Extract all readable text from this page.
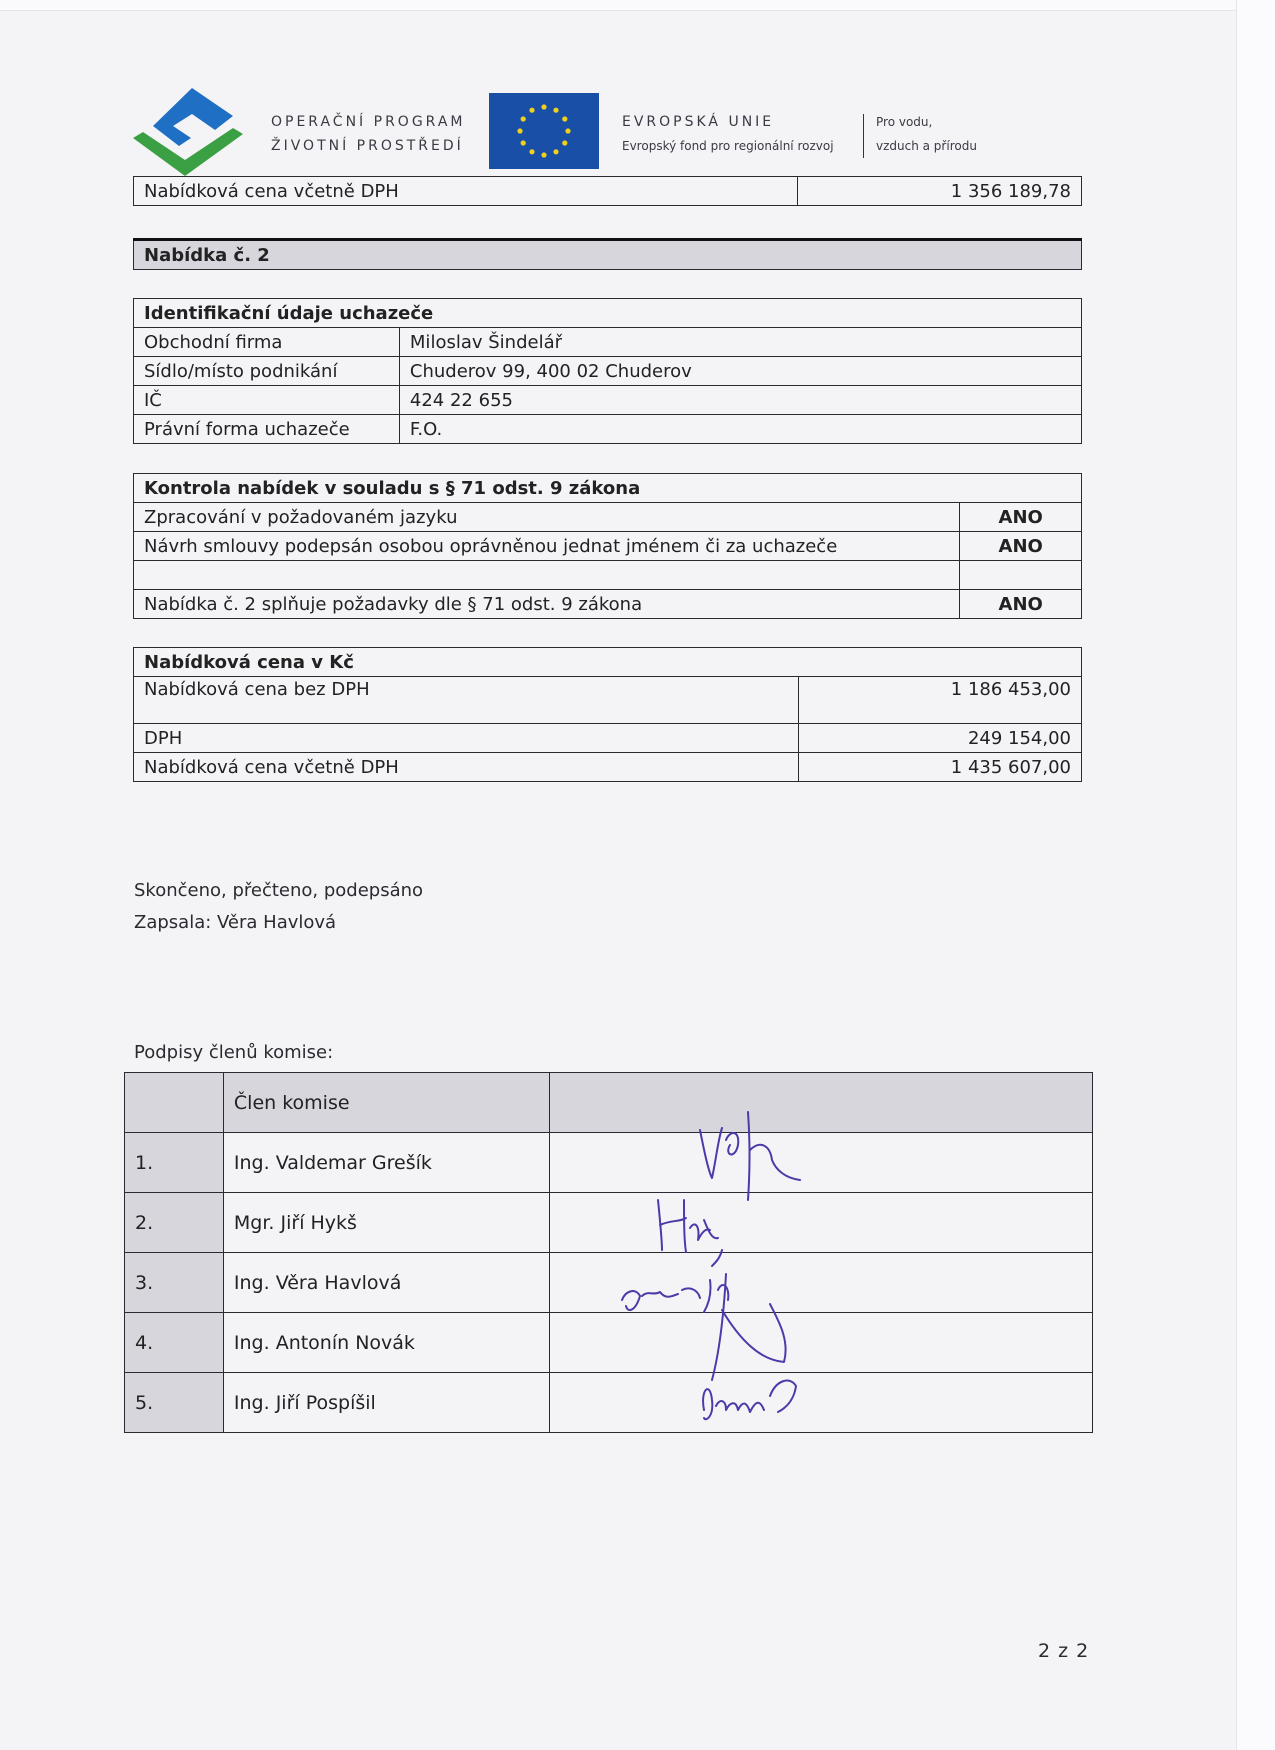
OPERAČNÍ PROGRAM
ŽIVOTNÍ PROSTŘEDÍ
EVROPSKÁ UNIE
Evropský fond pro regionální rozvoj
Pro vodu,
vzduch a přírodu
Nabídková cena včetně DPH	1 356 189,78
Nabídka č. 2
Identifikační údaje uchazeče	
Obchodní firma	Miloslav Šindelář
Sídlo/místo podnikání	Chuderov 99, 400 02 Chuderov
IČ	424 22 655
Právní forma uchazeče	F.O.
Kontrola nabídek v souladu s § 71 odst. 9 zákona	
Zpracování v požadovaném jazyku	ANO
Návrh smlouvy podepsán osobou oprávněnou jednat jménem či za uchazeče	ANO

Nabídka č. 2 splňuje požadavky dle § 71 odst. 9 zákona	ANO
Nabídková cena v Kč	
Nabídková cena bez DPH	1 186 453,00
DPH	249 154,00
Nabídková cena včetně DPH	1 435 607,00
Skončeno, přečteno, podepsáno
Zapsala: Věra Havlová
Podpisy členů komise:
	Člen komise	
1.	Ing. Valdemar Grešík	
2.	Mgr. Jiří Hykš	
3.	Ing. Věra Havlová	
4.	Ing. Antonín Novák	
5.	Ing. Jiří Pospíšil	
2 z 2
